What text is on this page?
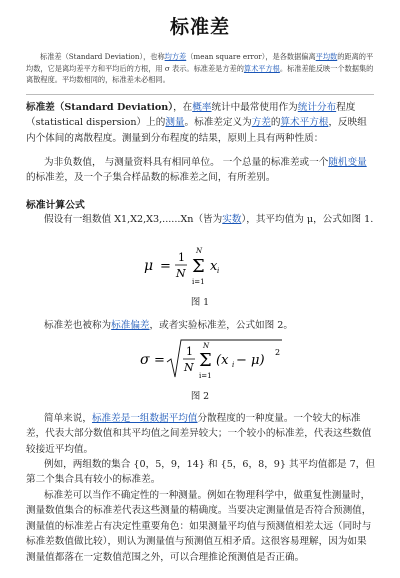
标准差
标准差（Standard Deviation），也称均方差（mean square error），是各数据偏离平均数的距离的平均数，它是离均差平方和平均后的方根，用 σ 表示。标准差是方差的算术平方根。标准差能反映一个数据集的离散程度。平均数相同的，标准差未必相同。
标准差（Standard Deviation），在概率统计中最常使用作为统计分布程度（statistical dispersion）上的测量。标准差定义为方差的算术平方根，反映组内个体间的离散程度。测量到分布程度的结果，原则上具有两种性质：
为非负数值， 与测量资料具有相同单位。 一个总量的标准差或一个随机变量的标准差，及一个子集合样品数的标准差之间，有所差别。
标准计算公式
假设有一组数值 X1,X2,X3,......Xn（皆为实数），其平均值为 μ，公式如图 1.
μ =
1
N Σ
N
i=1
x i
图 1
标准差也被称为标准偏差，或者实验标准差，公式如图 2。
σ =
1
N Σ
N
i=1
(x i − μ)
2
图 2
简单来说，标准差是一组数据平均值分散程度的一种度量。一个较大的标准差，代表大部分数值和其平均值之间差异较大；一个较小的标准差，代表这些数值较接近平均值。
例如，两组数的集合 {0，5，9，14} 和 {5，6，8，9} 其平均值都是 7，但第二个集合具有较小的标准差。
标准差可以当作不确定性的一种测量。例如在物理科学中，做重复性测量时，测量数值集合的标准差代表这些测量的精确度。当要决定测量值是否符合预测值，测量值的标准差占有决定性重要角色：如果测量平均值与预测值相差太远（同时与标准差数值做比较），则认为测量值与预测值互相矛盾。这很容易理解，因为如果测量值都落在一定数值范围之外，可以合理推论预测值是否正确。
